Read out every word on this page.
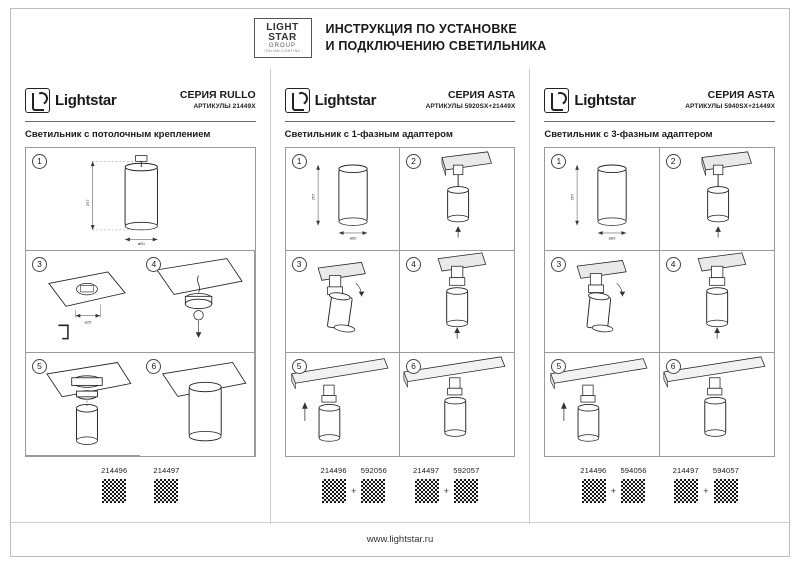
LIGHT
STAR
GROUP
ITALIAN LIGHTING
ИНСТРУКЦИЯ ПО УСТАНОВКЕ
И ПОДКЛЮЧЕНИЮ СВЕТИЛЬНИКА
Lightstar	СЕРИЯ RULLO
АРТИКУЛЫ 21449X
Светильник с потолочным креплением
1
257
ø60
3
ø25
4
5	6
214496	214497
Lightstar	СЕРИЯ ASTA
АРТИКУЛЫ 5920SX+21449X
Светильник с 1-фазным адаптером
1
257
ø60
2
3	4
5	6
214496 592056
+
214497 592057
+
Lightstar	СЕРИЯ ASTA
АРТИКУЛЫ 5940SX+21449X
Светильник с 3-фазным адаптером
1
257
ø60
2
3	4
5	6
214496 594056
+
214497 594057
+
www.lightstar.ru
